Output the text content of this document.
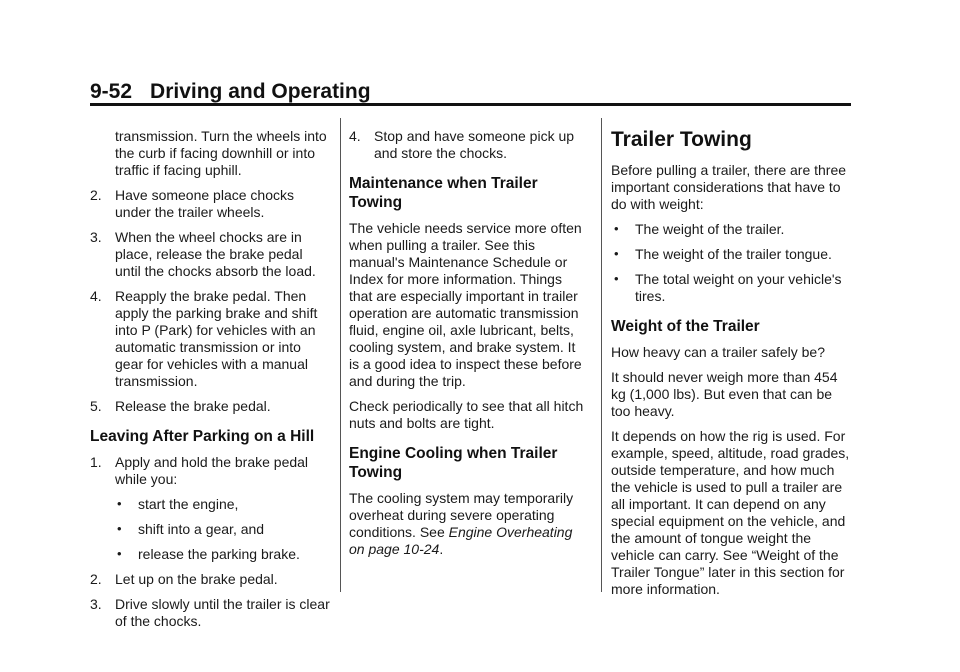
9-52 Driving and Operating
transmission. Turn the wheels into the curb if facing downhill or into traffic if facing uphill.
2. Have someone place chocks under the trailer wheels.
3. When the wheel chocks are in place, release the brake pedal until the chocks absorb the load.
4. Reapply the brake pedal. Then apply the parking brake and shift into P (Park) for vehicles with an automatic transmission or into gear for vehicles with a manual transmission.
5. Release the brake pedal.
Leaving After Parking on a Hill
1. Apply and hold the brake pedal while you:
• start the engine,
• shift into a gear, and
• release the parking brake.
2. Let up on the brake pedal.
3. Drive slowly until the trailer is clear of the chocks.
4. Stop and have someone pick up and store the chocks.
Maintenance when Trailer Towing
The vehicle needs service more often when pulling a trailer. See this manual's Maintenance Schedule or Index for more information. Things that are especially important in trailer operation are automatic transmission fluid, engine oil, axle lubricant, belts, cooling system, and brake system. It is a good idea to inspect these before and during the trip.
Check periodically to see that all hitch nuts and bolts are tight.
Engine Cooling when Trailer Towing
The cooling system may temporarily overheat during severe operating conditions. See Engine Overheating on page 10-24.
Trailer Towing
Before pulling a trailer, there are three important considerations that have to do with weight:
• The weight of the trailer.
• The weight of the trailer tongue.
• The total weight on your vehicle's tires.
Weight of the Trailer
How heavy can a trailer safely be?
It should never weigh more than 454 kg (1,000 lbs). But even that can be too heavy.
It depends on how the rig is used. For example, speed, altitude, road grades, outside temperature, and how much the vehicle is used to pull a trailer are all important. It can depend on any special equipment on the vehicle, and the amount of tongue weight the vehicle can carry. See “Weight of the Trailer Tongue” later in this section for more information.
